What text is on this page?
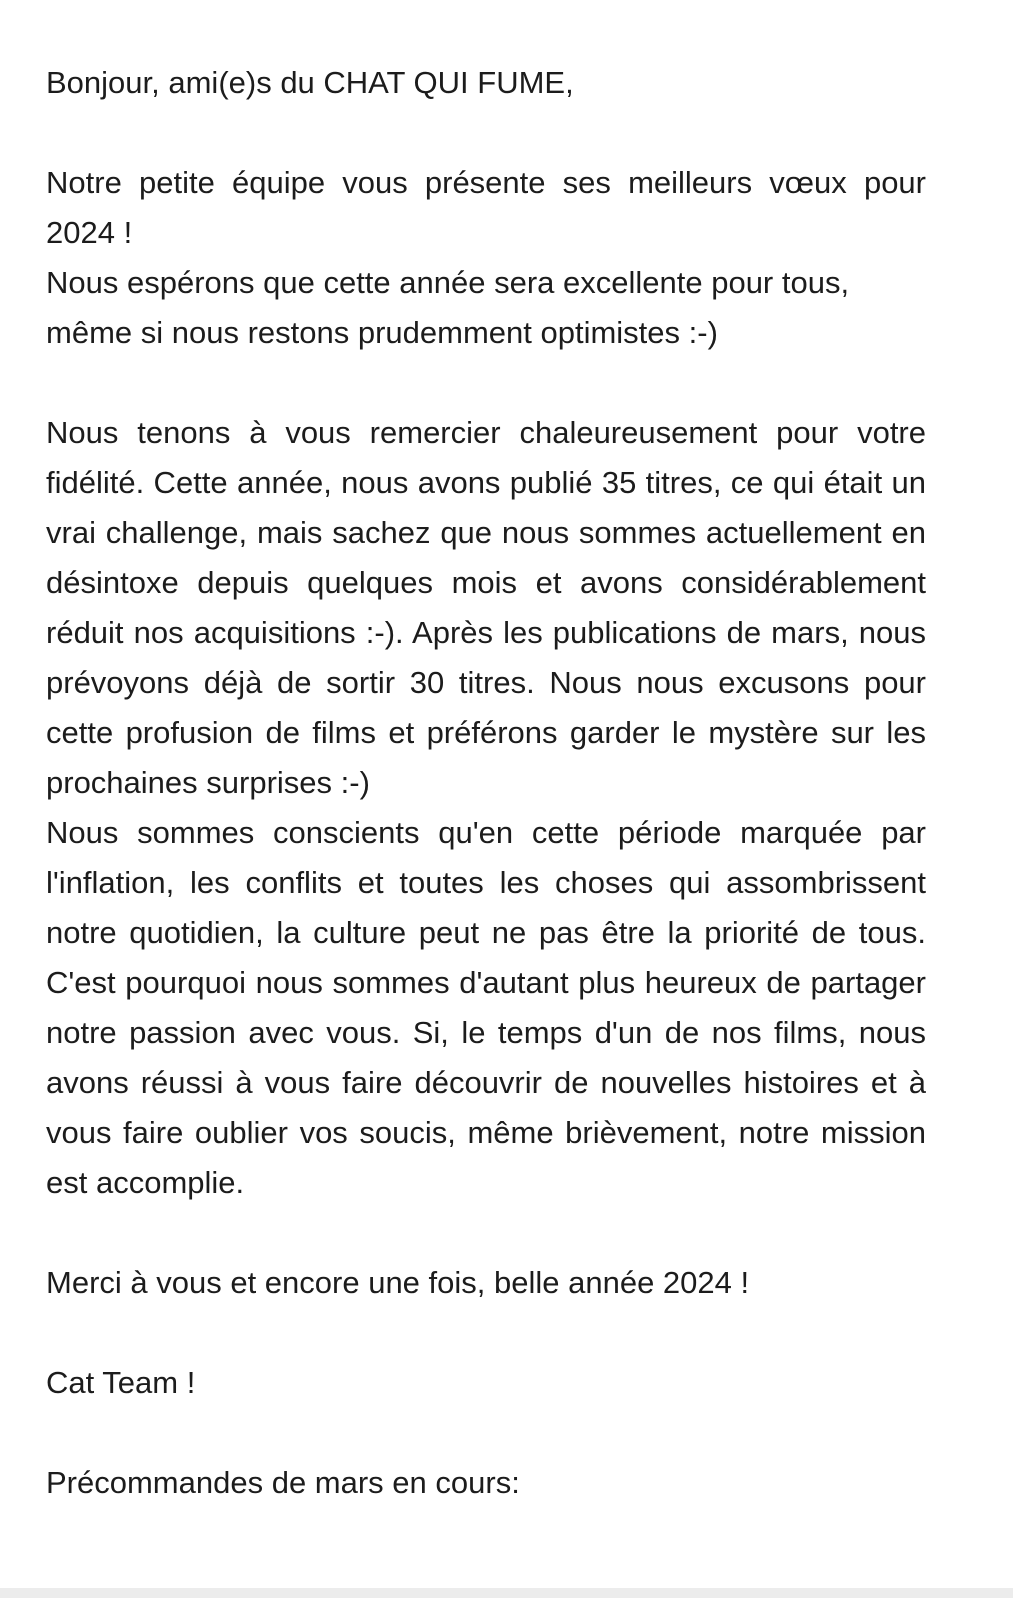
Bonjour, ami(e)s du CHAT QUI FUME,

Notre petite équipe vous présente ses meilleurs vœux pour 2024 !

Nous espérons que cette année sera excellente pour tous, même si nous restons prudemment optimistes :-)

Nous tenons à vous remercier chaleureusement pour votre fidélité. Cette année, nous avons publié 35 titres, ce qui était un vrai challenge, mais sachez que nous sommes actuellement en désintoxe depuis quelques mois et avons considérablement réduit nos acquisitions :-). Après les publications de mars, nous prévoyons déjà de sortir 30 titres. Nous nous excusons pour cette profusion de films et préférons garder le mystère sur les prochaines surprises :-)

Nous sommes conscients qu'en cette période marquée par l'inflation, les conflits et toutes les choses qui assombrissent notre quotidien, la culture peut ne pas être la priorité de tous. C'est pourquoi nous sommes d'autant plus heureux de partager notre passion avec vous. Si, le temps d'un de nos films, nous avons réussi à vous faire découvrir de nouvelles histoires et à vous faire oublier vos soucis, même brièvement, notre mission est accomplie.

Merci à vous et encore une fois, belle année 2024 !

Cat Team !

Précommandes de mars en cours:
